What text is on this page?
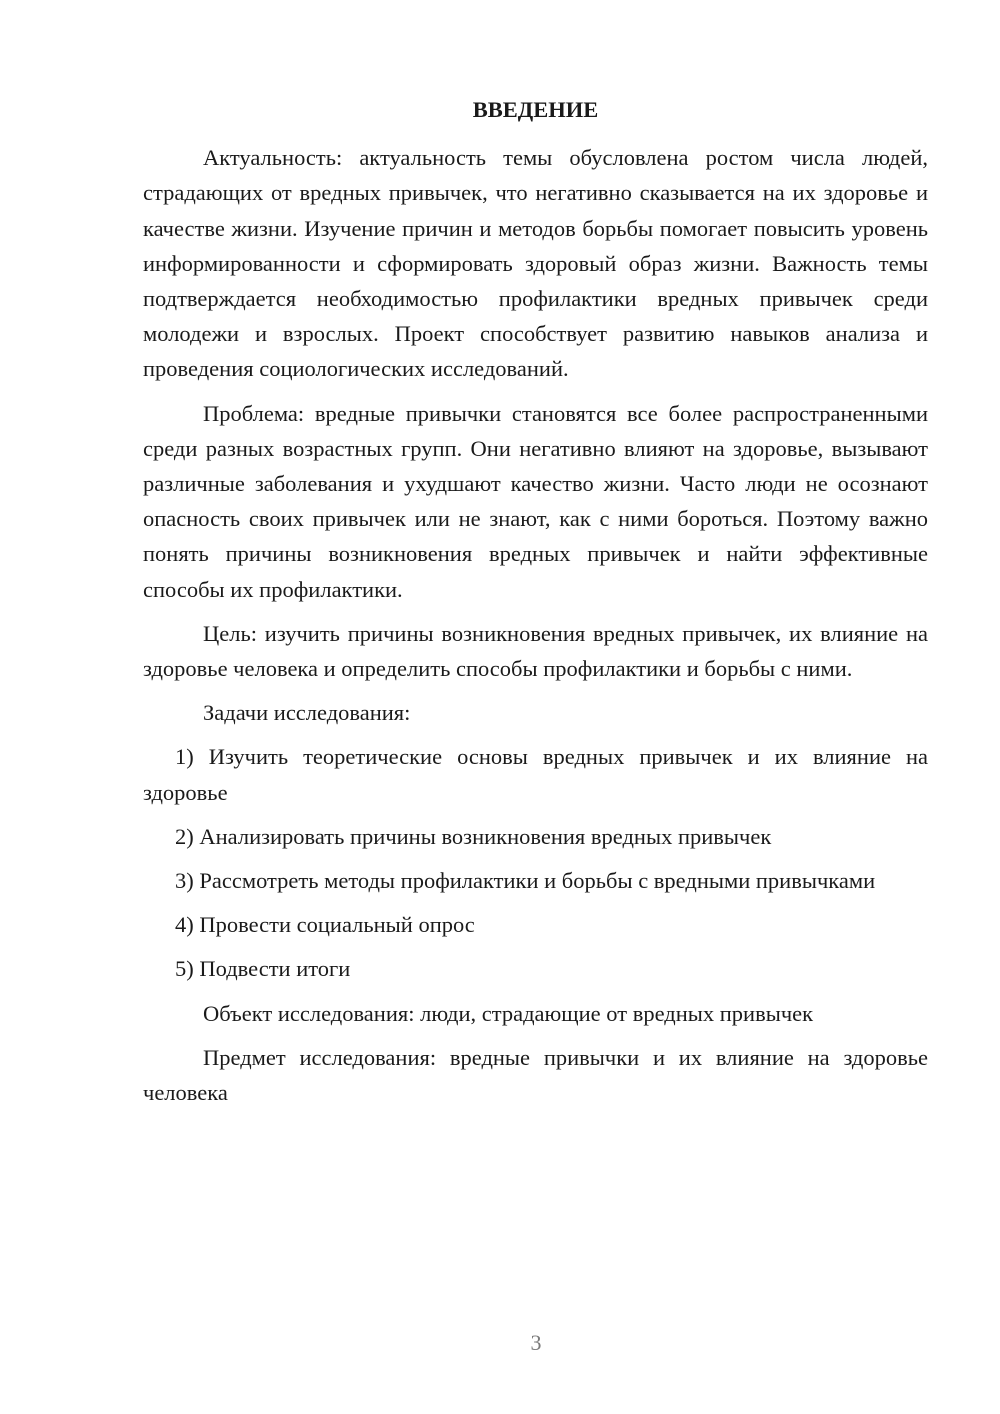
ВВЕДЕНИЕ

Актуальность: актуальность темы обусловлена ростом числа людей, страдающих от вредных привычек, что негативно сказывается на их здоровье и качестве жизни. Изучение причин и методов борьбы помогает повысить уровень информированности и сформировать здоровый образ жизни. Важность темы подтверждается необходимостью профилактики вредных привычек среди молодежи и взрослых. Проект способствует развитию навыков анализа и проведения социологических исследований.

Проблема: вредные привычки становятся все более распространенными среди разных возрастных групп. Они негативно влияют на здоровье, вызывают различные заболевания и ухудшают качество жизни. Часто люди не осознают опасность своих привычек или не знают, как с ними бороться. Поэтому важно понять причины возникновения вредных привычек и найти эффективные способы их профилактики.

Цель: изучить причины возникновения вредных привычек, их влияние на здоровье человека и определить способы профилактики и борьбы с ними.

Задачи исследования:

1) Изучить теоретические основы вредных привычек и их влияние на здоровье

2) Анализировать причины возникновения вредных привычек

3) Рассмотреть методы профилактики и борьбы с вредными привычками

4) Провести социальный опрос

5) Подвести итоги

Объект исследования: люди, страдающие от вредных привычек

Предмет исследования: вредные привычки и их влияние на здоровье человека

3
